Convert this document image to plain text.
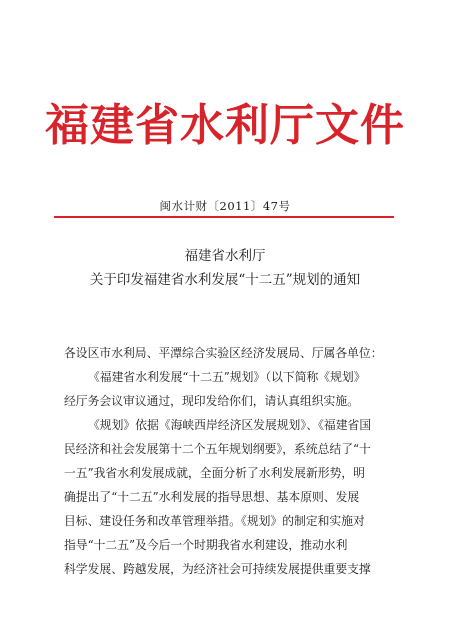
福建省水利厅文件
闽水计财〔2011〕47号
福建省水利厅
关于印发福建省水利发展“十二五”规划的通知

各设区市水利局、平潭综合实验区经济发展局、厅属各单位：

《福建省水利发展“十二五”规划》（以下简称《规划》

经厅务会议审议通过，现印发给你们，请认真组织实施。

《规划》依据《海峡西岸经济区发展规划》、《福建省国

民经济和社会发展第十二个五年规划纲要》，系统总结了“十

一五”我省水利发展成就，全面分析了水利发展新形势，明

确提出了“十二五”水利发展的指导思想、基本原则、发展

目标、建设任务和改革管理举措。《规划》的制定和实施对

指导“十二五”及今后一个时期我省水利建设，推动水利

科学发展、跨越发展，为经济社会可持续发展提供重要支撑
